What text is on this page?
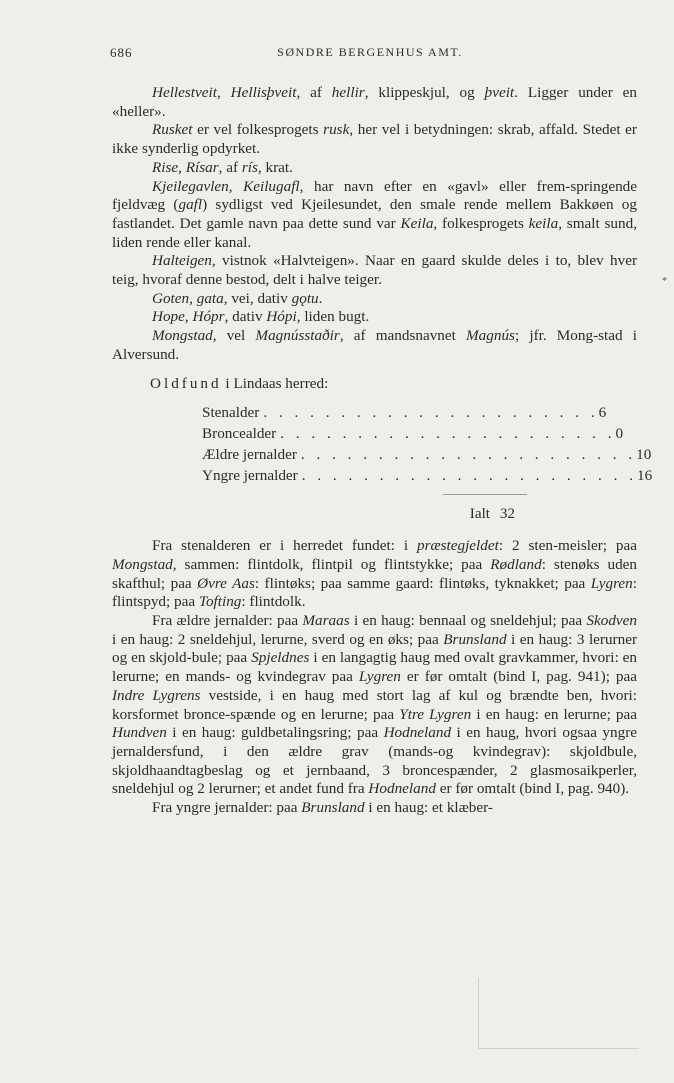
686	SØNDRE BERGENHUS AMT.
*

Hellestveit, Hellisþveit, af hellir, klippeskjul, og þveit. Ligger under en «heller».

Rusket er vel folkesprogets rusk, her vel i betydningen: skrab, affald. Stedet er ikke synderlig opdyrket.

Rise, Rísar, af rís, krat.

Kjeilegavlen, Keilugafl, har navn efter en «gavl» eller frem-springende fjeldvæg (gafl) sydligst ved Kjeilesundet, den smale rende mellem Bakkøen og fastlandet. Det gamle navn paa dette sund var Keila, folkesprogets keila, smalt sund, liden rende eller kanal.

Halteigen, vistnok «Halvteigen». Naar en gaard skulde deles i to, blev hver teig, hvoraf denne bestod, delt i halve teiger.

Goten, gata, vei, dativ gǫtu.

Hope, Hópr, dativ Hópi, liden bugt.

Mongstad, vel Magnússtaðir, af mandsnavnet Magnús; jfr. Mong-stad i Alversund.

Oldfund i Lindaas herred:

Stenalder . . . . . . . . . . . . . . . . . . . . . . 6
Broncealder . . . . . . . . . . . . . . . . . . . . . . 0
Ældre jernalder . . . . . . . . . . . . . . . . . . . . . . 10
Yngre jernalder . . . . . . . . . . . . . . . . . . . . . . 16
Ialt 32

Fra stenalderen er i herredet fundet: i præstegjeldet: 2 sten-meisler; paa Mongstad, sammen: flintdolk, flintpil og flintstykke; paa Rødland: stenøks uden skafthul; paa Øvre Aas: flintøks; paa samme gaard: flintøks, tyknakket; paa Lygren: flintspyd; paa Tofting: flintdolk.

Fra ældre jernalder: paa Maraas i en haug: bennaal og sneldehjul; paa Skodven i en haug: 2 sneldehjul, lerurne, sverd og en øks; paa Brunsland i en haug: 3 lerurner og en skjold-bule; paa Spjeldnes i en langagtig haug med ovalt gravkammer, hvori: en lerurne; en mands- og kvindegrav paa Lygren er før omtalt (bind I, pag. 941); paa Indre Lygrens vestside, i en haug med stort lag af kul og brændte ben, hvori: korsformet bronce-spænde og en lerurne; paa Ytre Lygren i en haug: en lerurne; paa Hundven i en haug: guldbetalingsring; paa Hodneland i en haug, hvori ogsaa yngre jernaldersfund, i den ældre grav (mands-og kvindegrav): skjoldbule, skjoldhaandtagbeslag og et jernbaand, 3 broncespænder, 2 glasmosaikperler, sneldehjul og 2 lerurner; et andet fund fra Hodneland er før omtalt (bind I, pag. 940).

Fra yngre jernalder: paa Brunsland i en haug: et klæber-
